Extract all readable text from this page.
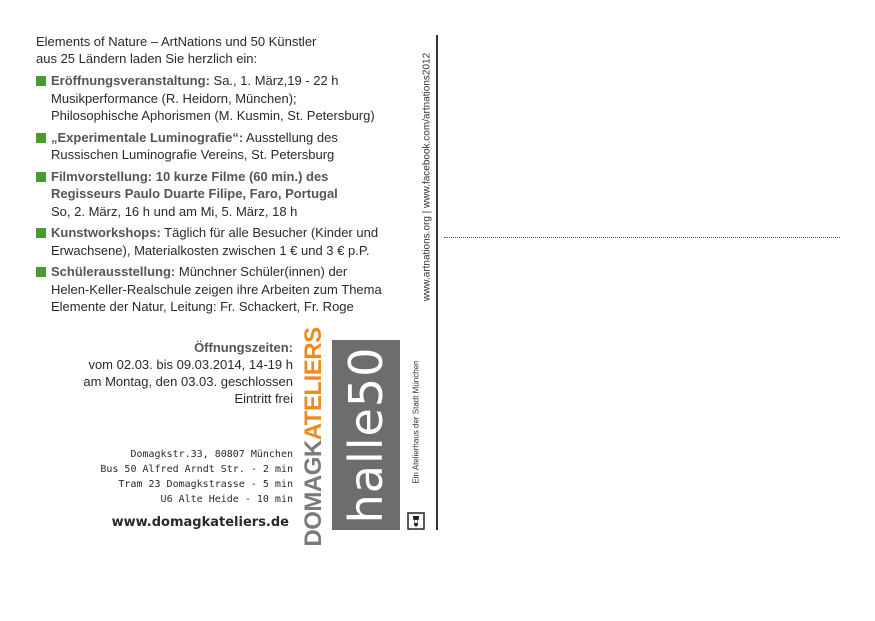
Elements of Nature – ArtNations und 50 Künstler
aus 25 Ländern laden Sie herzlich ein:
Eröffnungsveranstaltung: Sa., 1. März,19 - 22 h
Musikperformance (R. Heidorn, München);
Philosophische Aphorismen (M. Kusmin, St. Petersburg)
„Experimentale Luminografie“: Ausstellung des
Russischen Luminografie Vereins, St. Petersburg
Filmvorstellung: 10 kurze Filme (60 min.) des
Regisseurs Paulo Duarte Filipe, Faro, Portugal
So, 2. März, 16 h und am Mi, 5. März, 18 h
Kunstworkshops: Täglich für alle Besucher (Kinder und
Erwachsene), Materialkosten zwischen 1 € und 3 € p.P.
Schülerausstellung: Münchner Schüler(innen) der
Helen-Keller-Realschule zeigen ihre Arbeiten zum Thema
Elemente der Natur, Leitung: Fr. Schackert, Fr. Roge
Öffnungszeiten:
vom 02.03. bis 09.03.2014, 14-19 h
am Montag, den 03.03. geschlossen
Eintritt frei
Domagkstr.33, 80807 München
Bus 50 Alfred Arndt Str. - 2 min
Tram 23 Domagkstrasse - 5 min
U6 Alte Heide - 10 min
www.domagkateliers.de DOMAGKATELIERS halle50 Ein Atelierhaus der Stadt München
www.artnations.org | www.facebook.com/artnations2012
